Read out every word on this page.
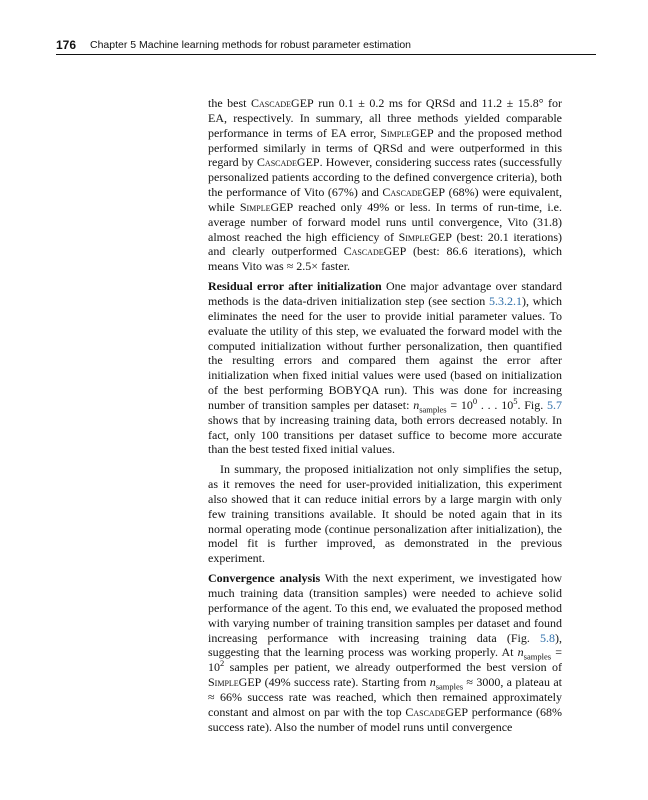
176 Chapter 5 Machine learning methods for robust parameter estimation

the best CascadeGEP run 0.1 ± 0.2 ms for QRSd and 11.2 ± 15.8° for EA, respectively. In summary, all three methods yielded comparable performance in terms of EA error, SimpleGEP and the proposed method performed similarly in terms of QRSd and were outperformed in this regard by CascadeGEP. However, considering success rates (successfully personalized patients according to the defined convergence criteria), both the performance of Vito (67%) and CascadeGEP (68%) were equivalent, while SimpleGEP reached only 49% or less. In terms of run-time, i.e. average number of forward model runs until convergence, Vito (31.8) almost reached the high efficiency of SimpleGEP (best: 20.1 iterations) and clearly outperformed CascadeGEP (best: 86.6 iterations), which means Vito was ≈ 2.5× faster.

Residual error after initialization One major advantage over standard methods is the data-driven initialization step (see section 5.3.2.1), which eliminates the need for the user to provide initial parameter values. To evaluate the utility of this step, we evaluated the forward model with the computed initialization without further personalization, then quantified the resulting errors and compared them against the error after initialization when fixed initial values were used (based on initialization of the best performing BOBYQA run). This was done for increasing number of transition samples per dataset: $n_{samples} = 10^0$ . . . $10^5$. Fig. 5.7 shows that by increasing training data, both errors decreased notably. In fact, only 100 transitions per dataset suffice to become more accurate than the best tested fixed initial values.

In summary, the proposed initialization not only simplifies the setup, as it removes the need for user-provided initialization, this experiment also showed that it can reduce initial errors by a large margin with only few training transitions available. It should be noted again that in its normal operating mode (continue personalization after initialization), the model fit is further improved, as demonstrated in the previous experiment.

Convergence analysis With the next experiment, we investigated how much training data (transition samples) were needed to achieve solid performance of the agent. To this end, we evaluated the proposed method with varying number of training transition samples per dataset and found increasing performance with increasing training data (Fig. 5.8), suggesting that the learning process was working properly. At $n_{samples} = 10^2$ samples per patient, we already outperformed the best version of SimpleGEP (49% success rate). Starting from $n_{samples} \approx 3000$, a plateau at ≈ 66% success rate was reached, which then remained approximately constant and almost on par with the top CascadeGEP performance (68% success rate). Also the number of model runs until convergence
